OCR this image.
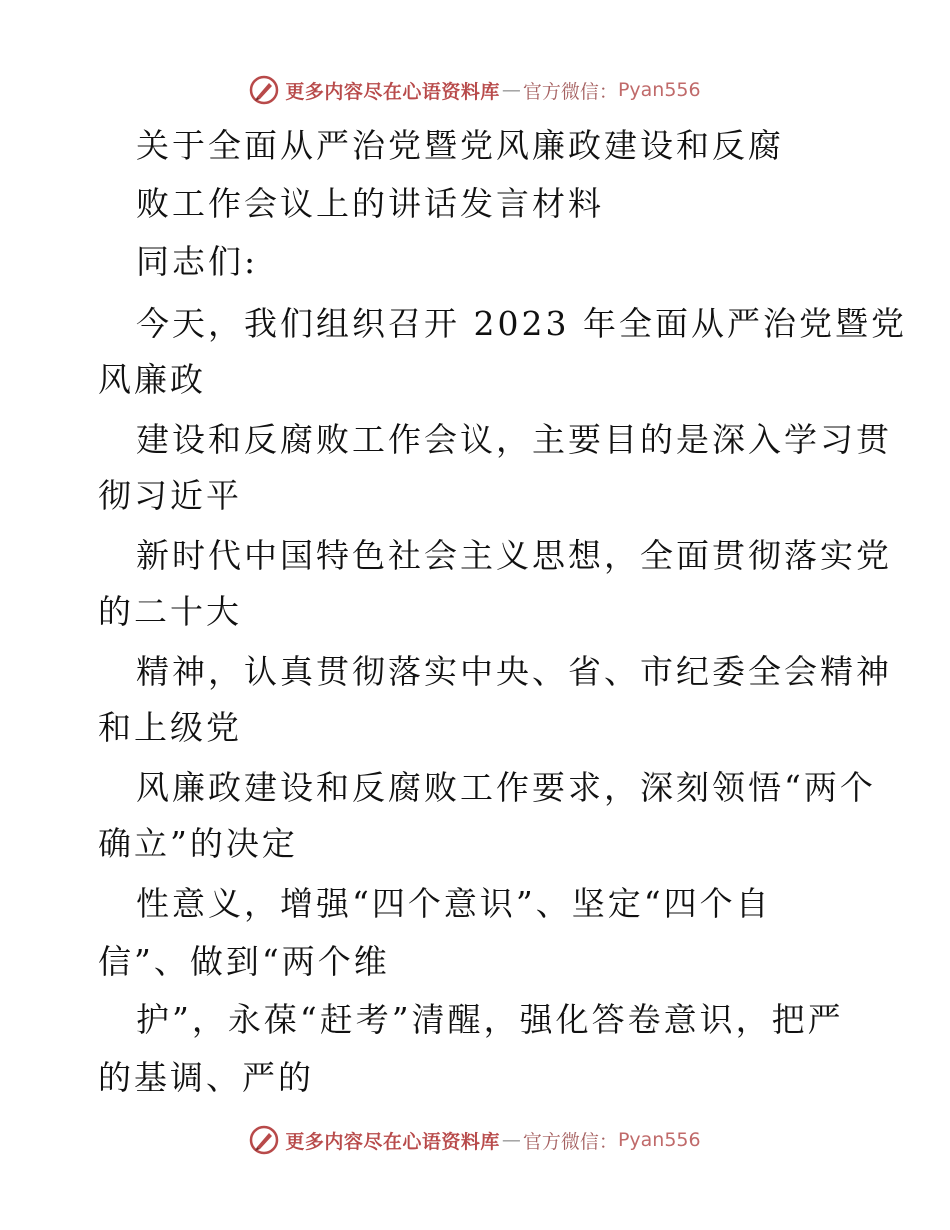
更多内容尽在心语资料库 — 官方微信： Pyan556
关于全面从严治党暨党风廉政建设和反腐
败工作会议上的讲话发言材料
同志们:
今天，我们组织召开 2023 年全面从严治党暨党
风廉政
建设和反腐败工作会议，主要目的是深入学习贯
彻习近平
新时代中国特色社会主义思想，全面贯彻落实党
的二十大
精神，认真贯彻落实中央、省、市纪委全会精神
和上级党
风廉政建设和反腐败工作要求，深刻领悟“两个
确立”的决定
性意义，增强“四个意识”、坚定“四个自
信”、做到“两个维
护”，永葆“赶考”清醒，强化答卷意识，把严
的基调、严的
更多内容尽在心语资料库 — 官方微信： Pyan556
